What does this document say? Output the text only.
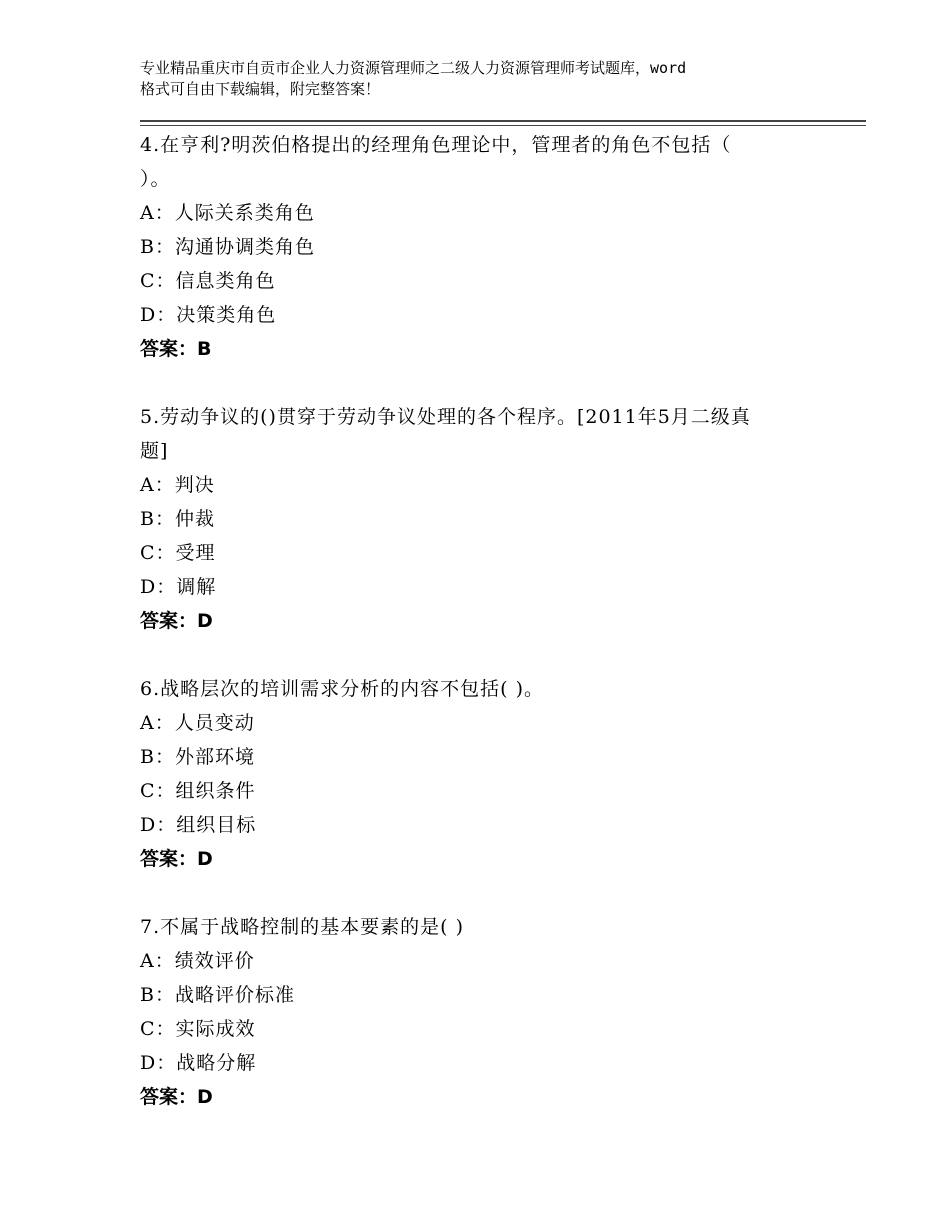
专业精品重庆市自贡市企业人力资源管理师之二级人力资源管理师考试题库，word
格式可自由下载编辑，附完整答案！
4.在亨利?明茨伯格提出的经理角色理论中，管理者的角色不包括（
）。
A：人际关系类角色
B：沟通协调类角色
C：信息类角色
D：决策类角色
答案：B
5.劳动争议的()贯穿于劳动争议处理的各个程序。[2011年5月二级真
题]
A：判决
B：仲裁
C：受理
D：调解
答案：D
6.战略层次的培训需求分析的内容不包括( )。
A：人员变动
B：外部环境
C：组织条件
D：组织目标
答案：D
7.不属于战略控制的基本要素的是( )
A：绩效评价
B：战略评价标准
C：实际成效
D：战略分解
答案：D
